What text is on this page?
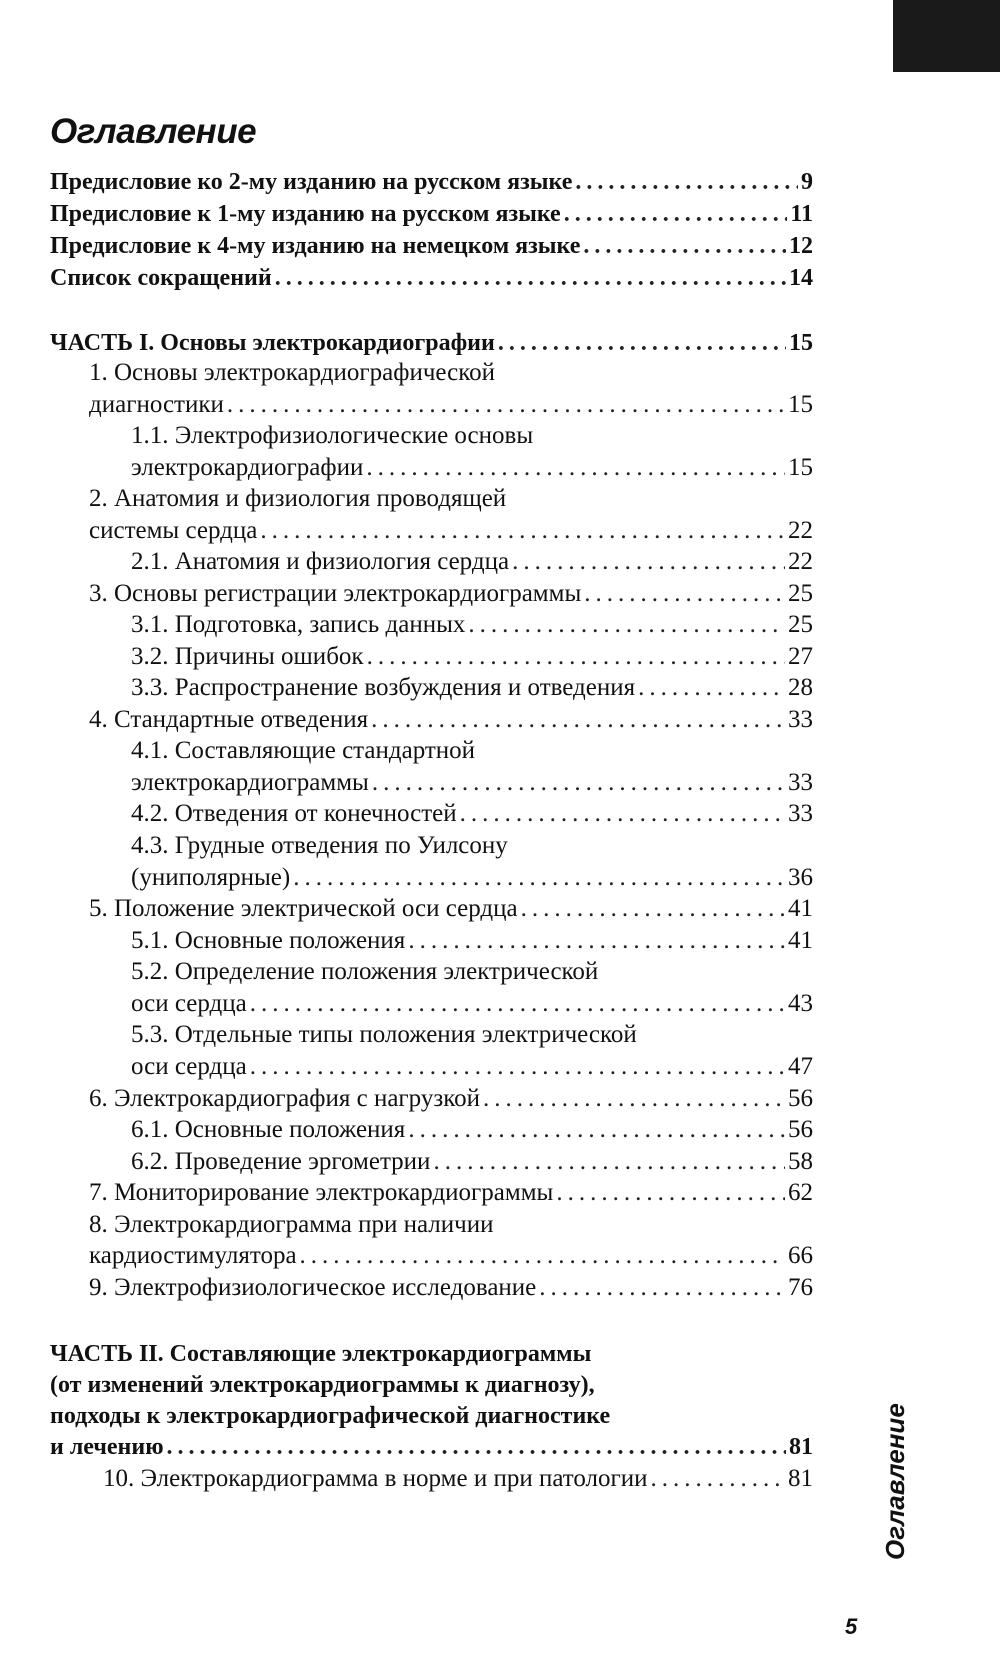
Оглавление
Предисловие ко 2-му изданию на русском языке .....	9
Предисловие к 1-му изданию на русском языке .....	11
Предисловие к 4-му изданию на немецком языке .....	12
Список сокращений .....	14
ЧАСТЬ I. Основы электрокардиографии .....	15
1. Основы электрокардиографической
диагностики .....	15
1.1. Электрофизиологические основы
электрокардиографии .....	15
2. Анатомия и физиология проводящей
системы сердца .....	22
2.1. Анатомия и физиология сердца .....	22
3. Основы регистрации электрокардиограммы .....	25
3.1. Подготовка, запись данных .....	25
3.2. Причины ошибок .....	27
3.3. Распространение возбуждения и отведения .....	28
4. Стандартные отведения .....	33
4.1. Составляющие стандартной
электрокардиограммы .....	33
4.2. Отведения от конечностей .....	33
4.3. Грудные отведения по Уилсону
(униполярные) .....	36
5. Положение электрической оси сердца .....	41
5.1. Основные положения .....	41
5.2. Определение положения электрической
оси сердца .....	43
5.3. Отдельные типы положения электрической
оси сердца .....	47
6. Электрокардиография с нагрузкой .....	56
6.1. Основные положения .....	56
6.2. Проведение эргометрии .....	58
7. Мониторирование электрокардиограммы .....	62
8. Электрокардиограмма при наличии
кардиостимулятора .....	66
9. Электрофизиологическое исследование .....	76
ЧАСТЬ II. Составляющие электрокардиограммы
(от изменений электрокардиограммы к диагнозу),
подходы к электрокардиографической диагностике
и лечению .....	81
10. Электрокардиограмма в норме и при патологии .....	81	Оглавление
5
